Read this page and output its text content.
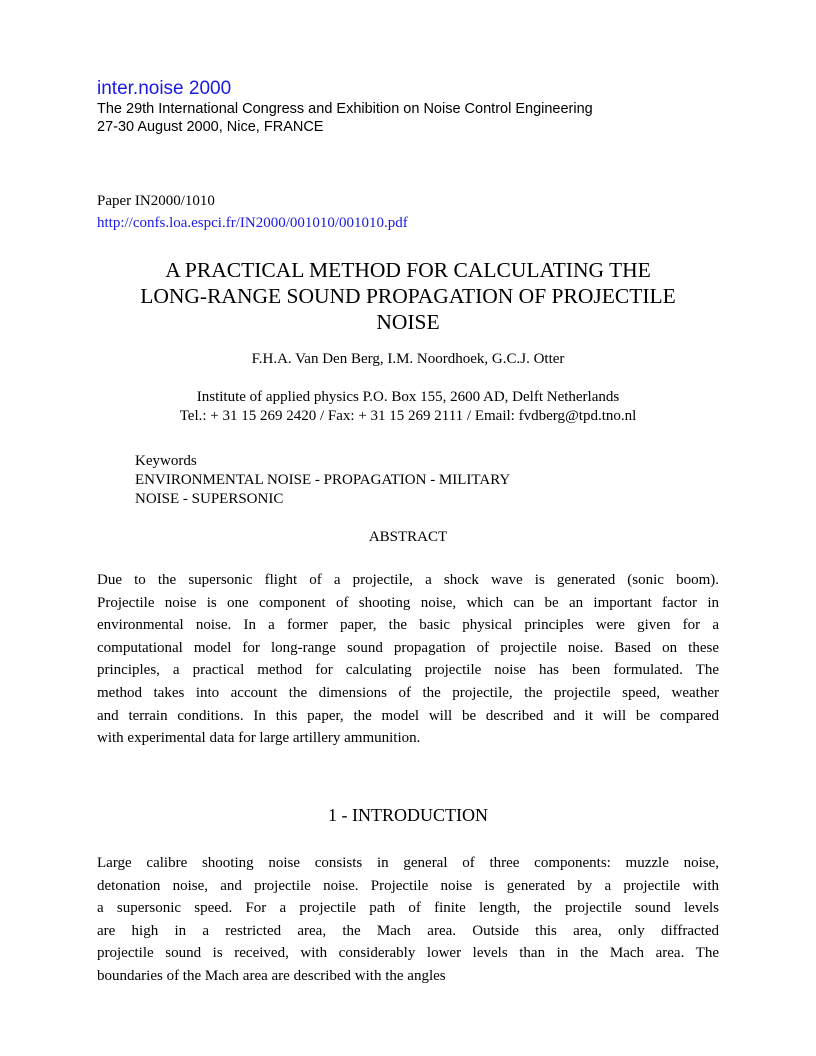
inter.noise 2000
The 29th International Congress and Exhibition on Noise Control Engineering
27-30 August 2000, Nice, FRANCE
Paper IN2000/1010
http://confs.loa.espci.fr/IN2000/001010/001010.pdf
A PRACTICAL METHOD FOR CALCULATING THE
LONG-RANGE SOUND PROPAGATION OF PROJECTILE
NOISE
F.H.A. Van Den Berg, I.M. Noordhoek, G.C.J. Otter
Institute of applied physics P.O. Box 155, 2600 AD, Delft Netherlands
Tel.: + 31 15 269 2420 / Fax: + 31 15 269 2111 / Email: fvdberg@tpd.tno.nl
Keywords
ENVIRONMENTAL NOISE - PROPAGATION - MILITARY
NOISE - SUPERSONIC
ABSTRACT
Due to the supersonic flight of a projectile, a shock wave is generated (sonic boom).
Projectile noise is one component of shooting noise, which can be an important factor in
environmental noise. In a former paper, the basic physical principles were given for a
computational model for long-range sound propagation of projectile noise. Based on these
principles, a practical method for calculating projectile noise has been formulated. The
method takes into account the dimensions of the projectile, the projectile speed, weather
and terrain conditions. In this paper, the model will be described and it will be compared
with experimental data for large artillery ammunition.
1 - INTRODUCTION
Large calibre shooting noise consists in general of three components: muzzle noise,
detonation noise, and projectile noise. Projectile noise is generated by a projectile with
a supersonic speed. For a projectile path of finite length, the projectile sound levels
are high in a restricted area, the Mach area. Outside this area, only diffracted
projectile sound is received, with considerably lower levels than in the Mach area. The
boundaries of the Mach area are described with the angles
